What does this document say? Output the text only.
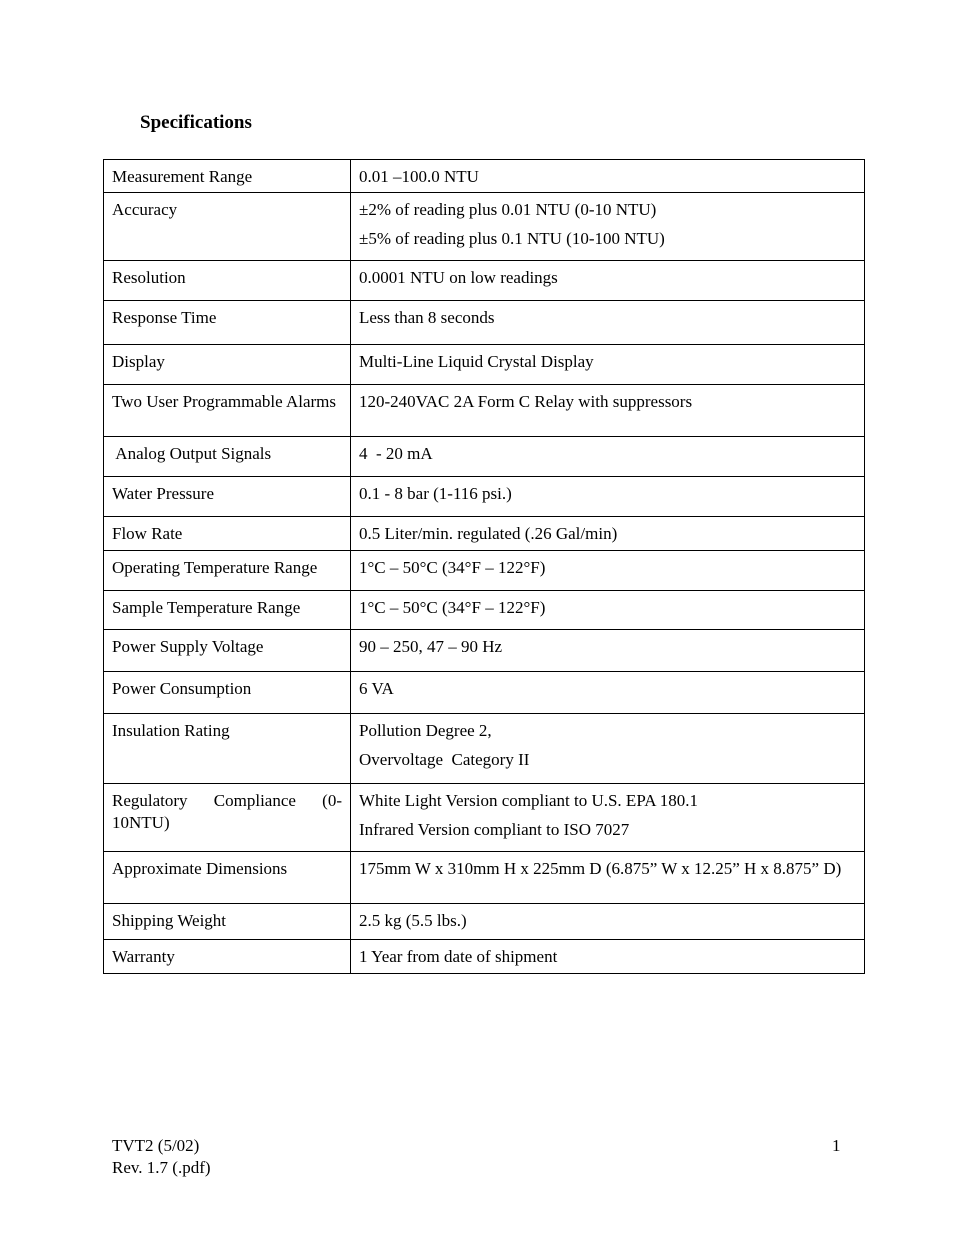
Specifications
Measurement Range	0.01 –100.0 NTU

Accuracy	±2% of reading plus 0.01 NTU (0-10 NTU)
±5% of reading plus 0.1 NTU (10-100 NTU)

Resolution	0.0001 NTU on low readings

Response Time	Less than 8 seconds

Display	Multi-Line Liquid Crystal Display

Two User Programmable Alarms	120-240VAC 2A Form C Relay with suppressors

Analog Output Signals	4  - 20 mA

Water Pressure	0.1 - 8 bar (1-116 psi.)

Flow Rate	0.5 Liter/min. regulated (.26 Gal/min)

Operating Temperature Range	1°C – 50°C (34°F – 122°F)

Sample Temperature Range	1°C – 50°C (34°F – 122°F)

Power Supply Voltage	90 – 250, 47 – 90 Hz

Power Consumption	6 VA

Insulation Rating	Pollution Degree 2,
Overvoltage  Category II

Regulatory Compliance (0-10NTU)	White Light Version compliant to U.S. EPA 180.1
Infrared Version compliant to ISO 7027

Approximate Dimensions	175mm W x 310mm H x 225mm D (6.875” W x 12.25” H x 8.875” D)

Shipping Weight	2.5 kg (5.5 lbs.)

Warranty	1 Year from date of shipment
TVT2 (5/02)
Rev. 1.7 (.pdf)
1
